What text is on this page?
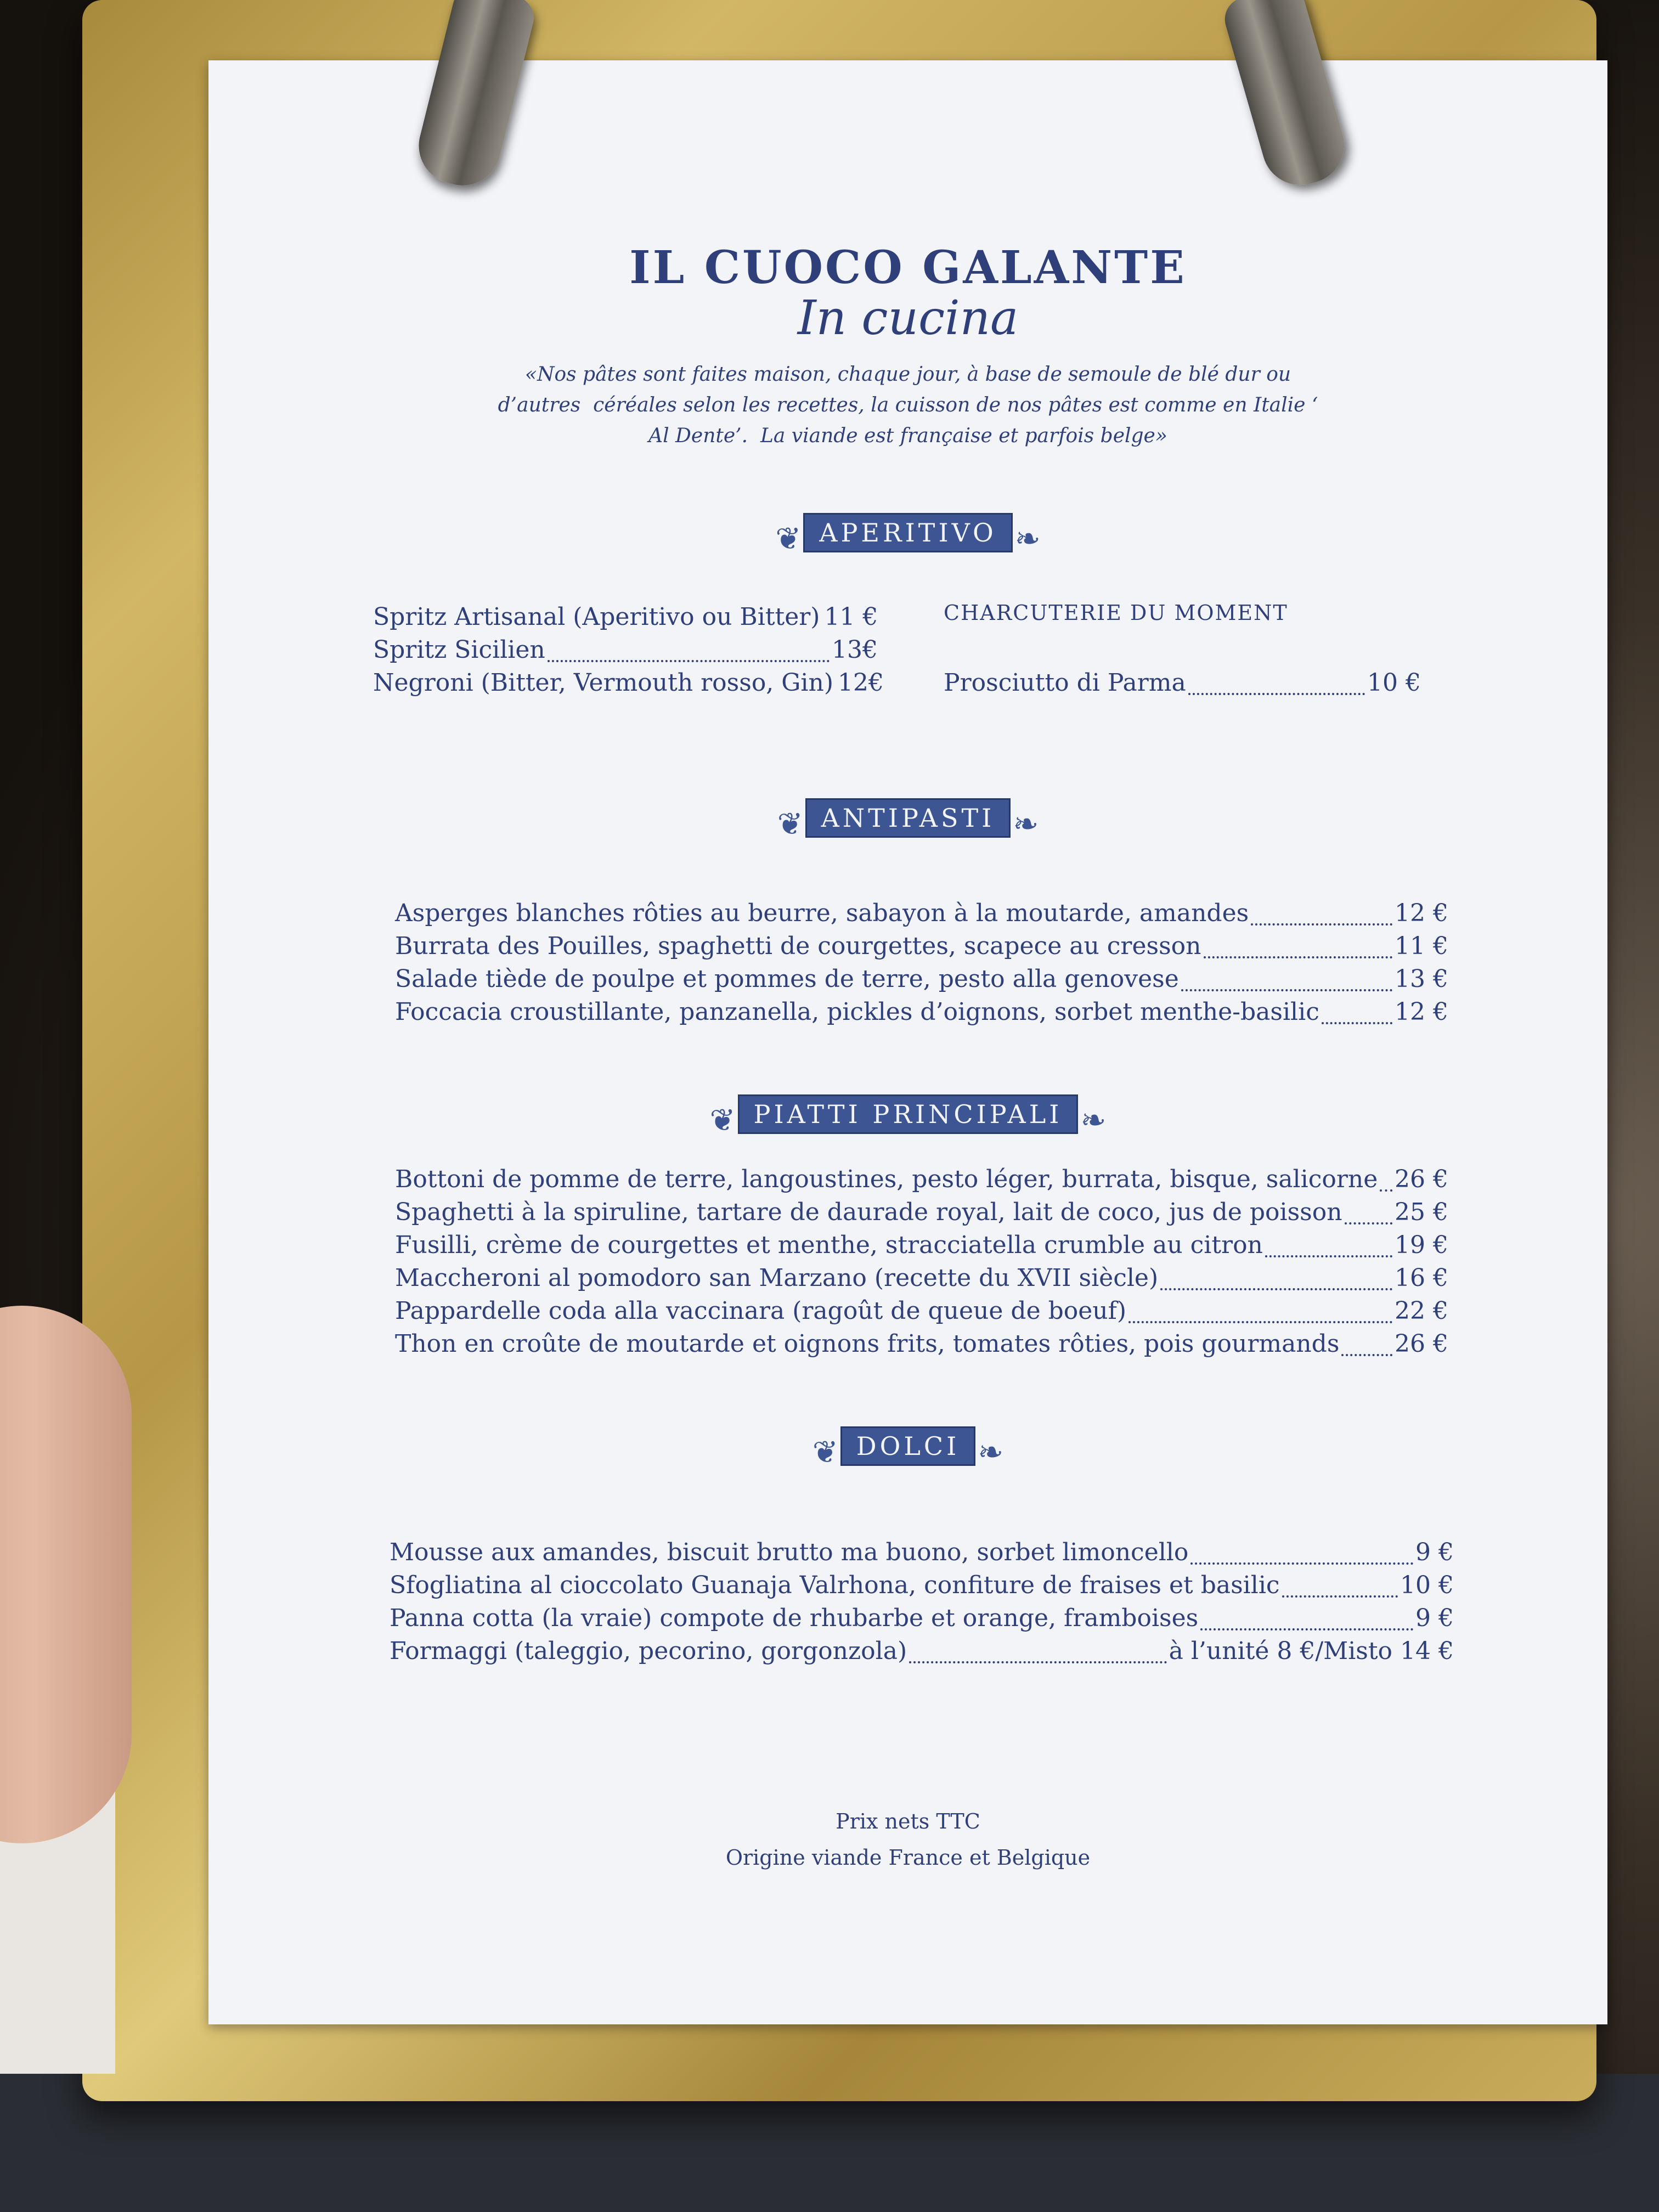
IL CUOCO GALANTE
In cucina
«Nos pâtes sont faites maison, chaque jour, à base de semoule de blé dur ou
d’autres  céréales selon les recettes, la cuisson de nos pâtes est comme en Italie ‘
Al Dente’.  La viande est française et parfois belge»
❦ APERITIVO ❧
Spritz Artisanal (Aperitivo ou Bitter) 11 €
Spritz Sicilien	13€
Negroni (Bitter, Vermouth rosso, Gin) 12€
CHARCUTERIE DU MOMENT
Prosciutto di Parma	10 €
❦ ANTIPASTI ❧
Asperges blanches rôties au beurre, sabayon à la moutarde, amandes	12 €
Burrata des Pouilles, spaghetti de courgettes, scapece au cresson	11 €
Salade tiède de poulpe et pommes de terre, pesto alla genovese	13 €
Foccacia croustillante, panzanella, pickles d’oignons, sorbet menthe-basilic	12 €
❦ PIATTI PRINCIPALI ❧
Bottoni de pomme de terre, langoustines, pesto léger, burrata, bisque, salicorne 26 €
Spaghetti à la spiruline, tartare de daurade royal, lait de coco, jus de poisson 25 €
Fusilli, crème de courgettes et menthe, stracciatella crumble au citron	19 €
Maccheroni al pomodoro san Marzano (recette du XVII siècle)	16 €
Pappardelle coda alla vaccinara (ragoût de queue de boeuf)	22 €
Thon en croûte de moutarde et oignons frits, tomates rôties, pois gourmands 26 €
❦ DOLCI ❧
Mousse aux amandes, biscuit brutto ma buono, sorbet limoncello	9 €
Sfogliatina al cioccolato Guanaja Valrhona, confiture de fraises et basilic	10 €
Panna cotta (la vraie) compote de rhubarbe et orange, framboises	9 €
Formaggi (taleggio, pecorino, gorgonzola)	à l’unité 8 €/Misto 14 €
Prix nets TTC
Origine viande France et Belgique
